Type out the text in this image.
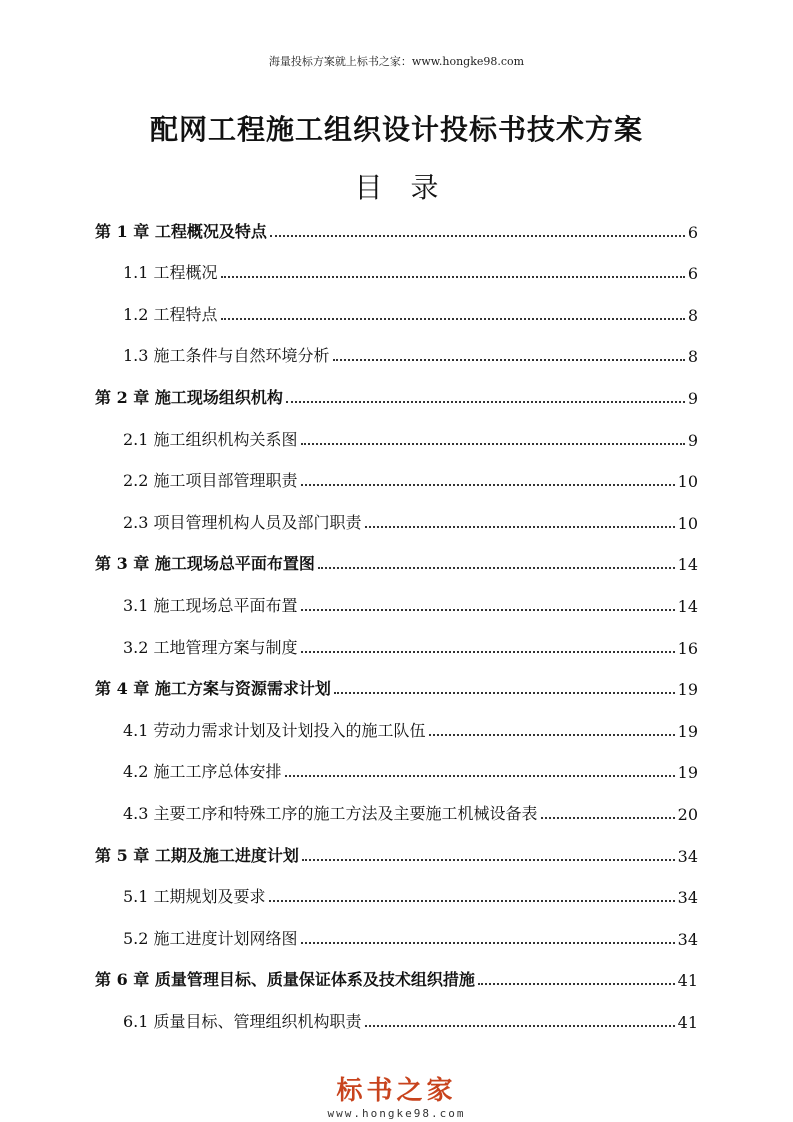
海量投标方案就上标书之家：www.hongke98.com
配网工程施工组织设计投标书技术方案
目录
第 1 章 工程概况及特点	6
1.1 工程概况	6
1.2 工程特点	8
1.3 施工条件与自然环境分析	8
第 2 章 施工现场组织机构	9
2.1 施工组织机构关系图	9
2.2 施工项目部管理职责	10
2.3 项目管理机构人员及部门职责	10
第 3 章 施工现场总平面布置图	14
3.1 施工现场总平面布置	14
3.2 工地管理方案与制度	16
第 4 章 施工方案与资源需求计划	19
4.1 劳动力需求计划及计划投入的施工队伍	19
4.2 施工工序总体安排	19
4.3 主要工序和特殊工序的施工方法及主要施工机械设备表	20
第 5 章 工期及施工进度计划	34
5.1 工期规划及要求	34
5.2 施工进度计划网络图	34
第 6 章 质量管理目标、质量保证体系及技术组织措施	41
6.1 质量目标、管理组织机构职责	41
标书之家
www.hongke98.com
